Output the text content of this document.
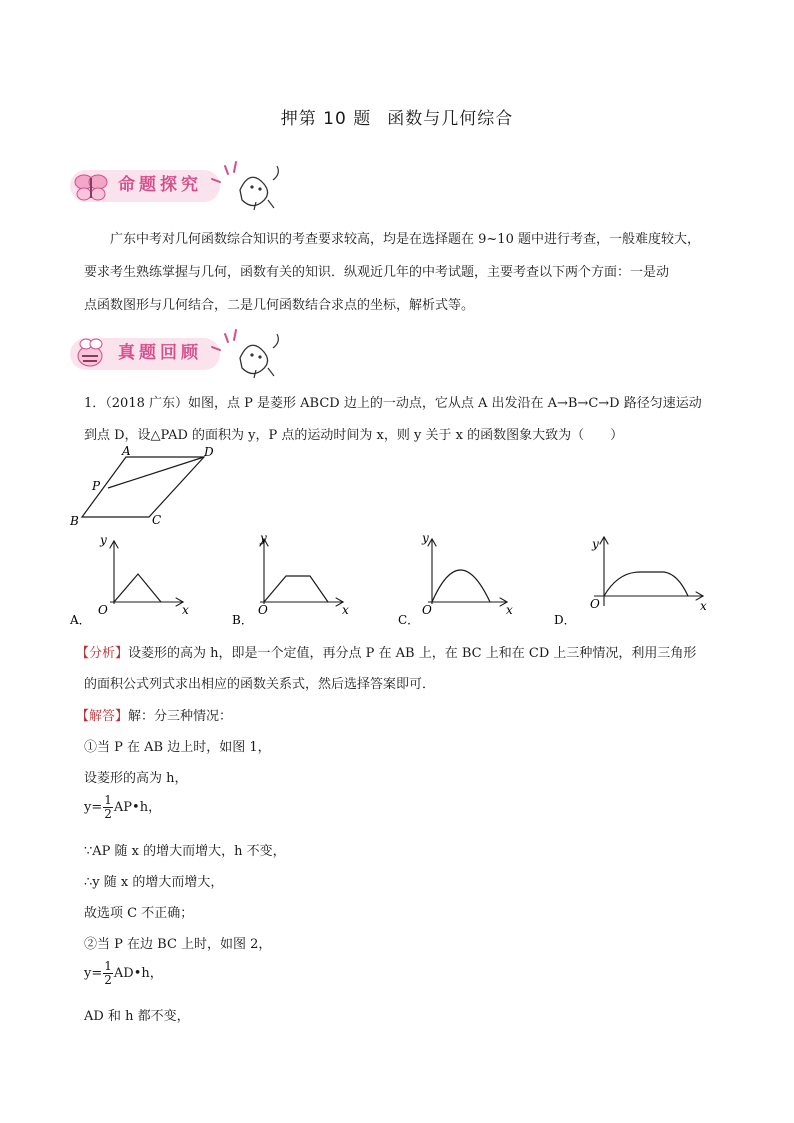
押第 10 题 函数与几何综合
命题探究
广东中考对几何函数综合知识的考查要求较高，均是在选择题在 9~10 题中进行考查，一般难度较大，
要求考生熟练掌握与几何，函数有关的知识．纵观近几年的中考试题，主要考查以下两个方面：一是动
点函数图形与几何结合，二是几何函数结合求点的坐标，解析式等。
真题回顾
1．（2018 广东）如图，点 P 是菱形 ABCD 边上的一动点，它从点 A 出发沿在 A→B→C→D 路径匀速运动
到点 D，设△PAD 的面积为 y，P 点的运动时间为 x，则 y 关于 x 的函数图象大致为（　　）
A	D
P
B	C
y
x
O
A．
y
x
O
B．
y
x
O
C．
y
x
O
D．
【分析】设菱形的高为 h，即是一个定值，再分点 P 在 AB 上，在 BC 上和在 CD 上三种情况，利用三角形
的面积公式列式求出相应的函数关系式，然后选择答案即可．
【解答】解：分三种情况：
①当 P 在 AB 边上时，如图 1，
设菱形的高为 h，
$y= \frac{1}{2}$ AP•h，
∵AP 随 x 的增大而增大，h 不变，
∴y 随 x 的增大而增大，
故选项 C 不正确；
②当 P 在边 BC 上时，如图 2，
$y= \frac{1}{2}$ AD•h，
AD 和 h 都不变，
